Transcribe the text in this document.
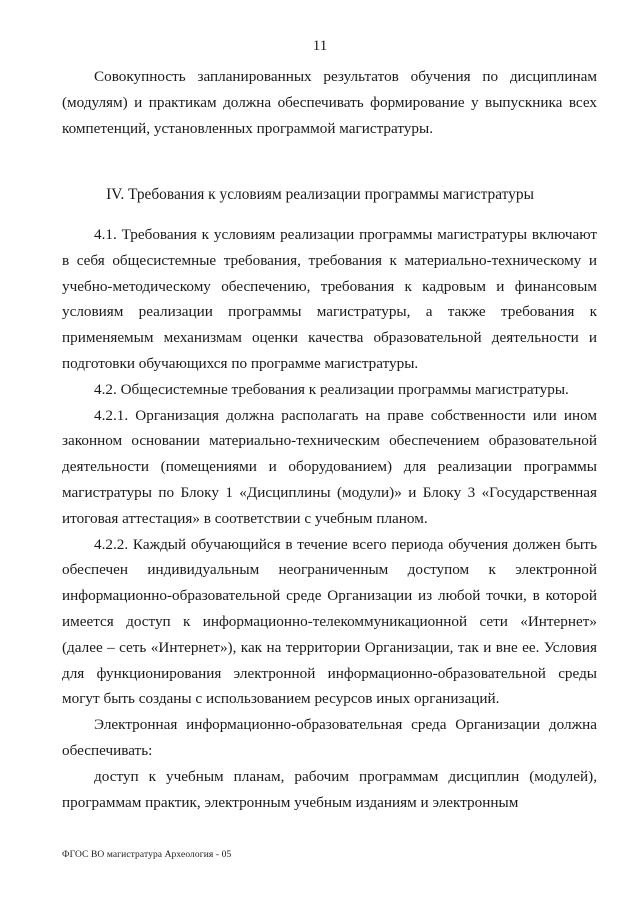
11

Совокупность запланированных результатов обучения по дисциплинам (модулям) и практикам должна обеспечивать формирование у выпускника всех компетенций, установленных программой магистратуры.

IV. Требования к условиям реализации программы магистратуры

4.1. Требования к условиям реализации программы магистратуры включают в себя общесистемные требования, требования к материально-техническому и учебно-методическому обеспечению, требования к кадровым и финансовым условиям реализации программы магистратуры, а также требования к применяемым механизмам оценки качества образовательной деятельности и подготовки обучающихся по программе магистратуры.

4.2. Общесистемные требования к реализации программы магистратуры.

4.2.1. Организация должна располагать на праве собственности или ином законном основании материально-техническим обеспечением образовательной деятельности (помещениями и оборудованием) для реализации программы магистратуры по Блоку 1 «Дисциплины (модули)» и Блоку 3 «Государственная итоговая аттестация» в соответствии с учебным планом.

4.2.2. Каждый обучающийся в течение всего периода обучения должен быть обеспечен индивидуальным неограниченным доступом к электронной информационно-образовательной среде Организации из любой точки, в которой имеется доступ к информационно-телекоммуникационной сети «Интернет» (далее – сеть «Интернет»), как на территории Организации, так и вне ее. Условия для функционирования электронной информационно-образовательной среды могут быть созданы с использованием ресурсов иных организаций.

Электронная информационно-образовательная среда Организации должна обеспечивать:

доступ к учебным планам, рабочим программам дисциплин (модулей), программам практик, электронным учебным изданиям и электронным

ФГОС ВО магистратура Археология - 05
